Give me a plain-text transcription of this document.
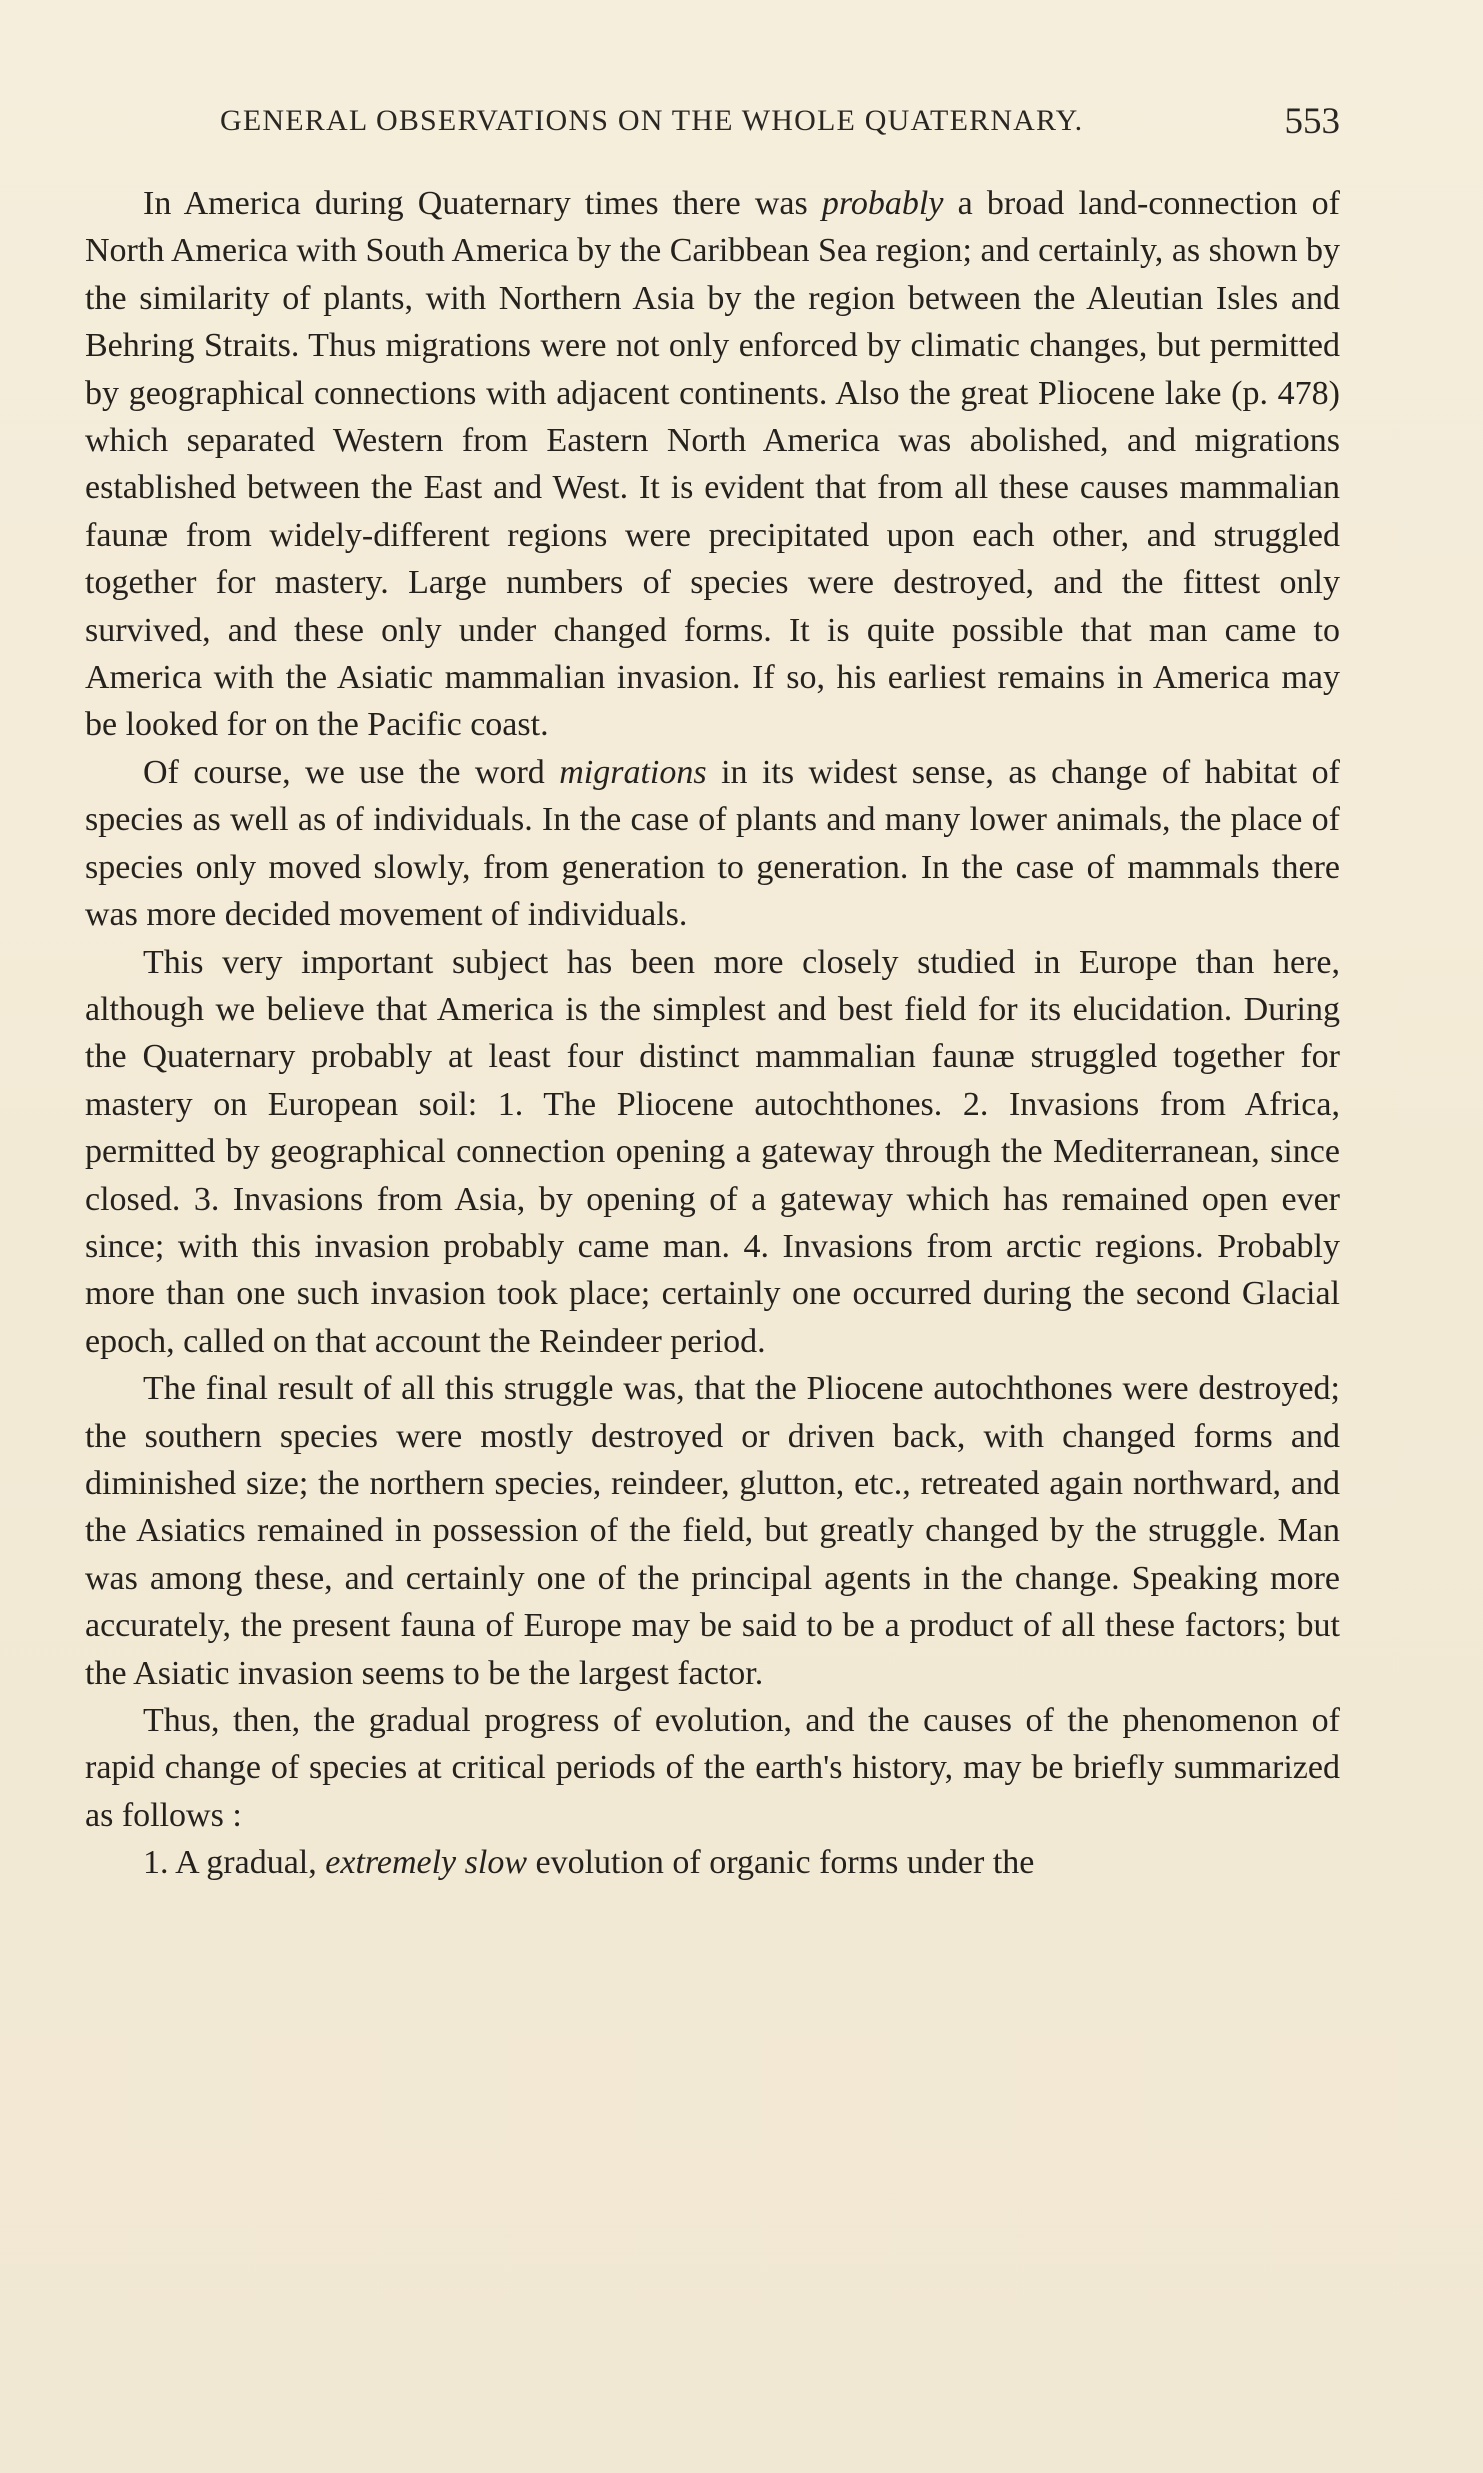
GENERAL OBSERVATIONS ON THE WHOLE QUATERNARY.	553

In America during Quaternary times there was probably a broad land-connection of North America with South America by the Caribbean Sea region; and certainly, as shown by the similarity of plants, with Northern Asia by the region between the Aleutian Isles and Behring Straits. Thus migrations were not only enforced by climatic changes, but permitted by geographical connections with adjacent continents. Also the great Pliocene lake (p. 478) which separated Western from Eastern North America was abolished, and migrations established between the East and West. It is evident that from all these causes mammalian faunæ from widely-different regions were precipitated upon each other, and struggled together for mastery. Large numbers of species were destroyed, and the fittest only survived, and these only under changed forms. It is quite possible that man came to America with the Asiatic mammalian invasion. If so, his earliest remains in America may be looked for on the Pacific coast.

Of course, we use the word migrations in its widest sense, as change of habitat of species as well as of individuals. In the case of plants and many lower animals, the place of species only moved slowly, from generation to generation. In the case of mammals there was more decided movement of individuals.

This very important subject has been more closely studied in Europe than here, although we believe that America is the simplest and best field for its elucidation. During the Quaternary probably at least four distinct mammalian faunæ struggled together for mastery on European soil: 1. The Pliocene autochthones. 2. Invasions from Africa, permitted by geographical connection opening a gateway through the Mediterranean, since closed. 3. Invasions from Asia, by opening of a gateway which has remained open ever since; with this invasion probably came man. 4. Invasions from arctic regions. Probably more than one such invasion took place; certainly one occurred during the second Glacial epoch, called on that account the Reindeer period.

The final result of all this struggle was, that the Pliocene autochthones were destroyed; the southern species were mostly destroyed or driven back, with changed forms and diminished size; the northern species, reindeer, glutton, etc., retreated again northward, and the Asiatics remained in possession of the field, but greatly changed by the struggle. Man was among these, and certainly one of the principal agents in the change. Speaking more accurately, the present fauna of Europe may be said to be a product of all these factors; but the Asiatic invasion seems to be the largest factor.

Thus, then, the gradual progress of evolution, and the causes of the phenomenon of rapid change of species at critical periods of the earth's history, may be briefly summarized as follows :

1. A gradual, extremely slow evolution of organic forms under the
